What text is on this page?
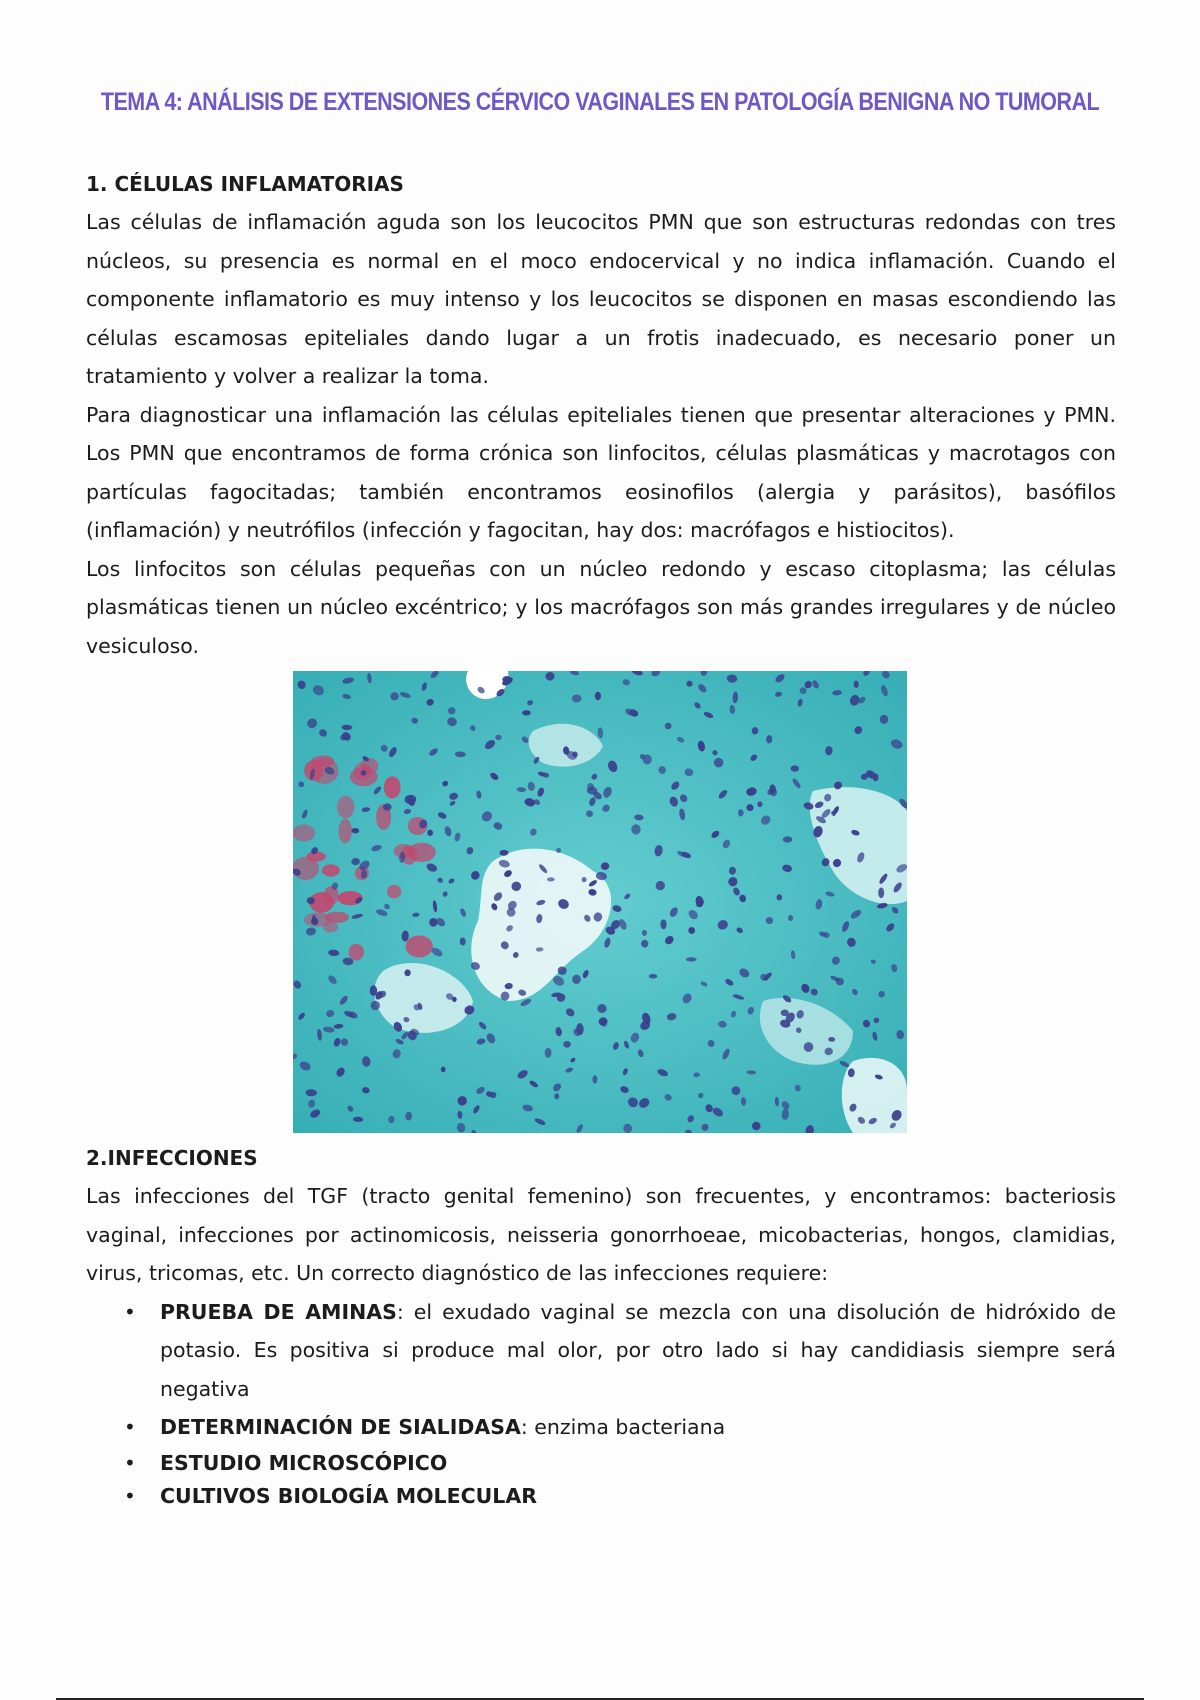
TEMA 4: ANÁLISIS DE EXTENSIONES CÉRVICO VAGINALES EN PATOLOGÍA BENIGNA NO TUMORAL

1. CÉLULAS INFLAMATORIAS

Las células de inflamación aguda son los leucocitos PMN que son estructuras redondas con tres núcleos, su presencia es normal en el moco endocervical y no indica inflamación. Cuando el componente inflamatorio es muy intenso y los leucocitos se disponen en masas escondiendo las células escamosas epiteliales dando lugar a un frotis inadecuado, es necesario poner un tratamiento y volver a realizar la toma.

Para diagnosticar una inflamación las células epiteliales tienen que presentar alteraciones y PMN. Los PMN que encontramos de forma crónica son linfocitos, células plasmáticas y macrotagos con partículas fagocitadas; también encontramos eosinofilos (alergia y parásitos), basófilos (inflamación) y neutrófilos (infección y fagocitan, hay dos: macrófagos e histiocitos).

Los linfocitos son células pequeñas con un núcleo redondo y escaso citoplasma; las células plasmáticas tienen un núcleo excéntrico; y los macrófagos son más grandes irregulares y de núcleo vesiculoso.

2.INFECCIONES

Las infecciones del TGF (tracto genital femenino) son frecuentes, y encontramos: bacteriosis vaginal, infecciones por actinomicosis, neisseria gonorrhoeae, micobacterias, hongos, clamidias, virus, tricomas, etc. Un correcto diagnóstico de las infecciones requiere:

• PRUEBA DE AMINAS: el exudado vaginal se mezcla con una disolución de hidróxido de potasio. Es positiva si produce mal olor, por otro lado si hay candidiasis siempre será negativa
• DETERMINACIÓN DE SIALIDASA: enzima bacteriana
• ESTUDIO MICROSCÓPICO
• CULTIVOS BIOLOGÍA MOLECULAR
